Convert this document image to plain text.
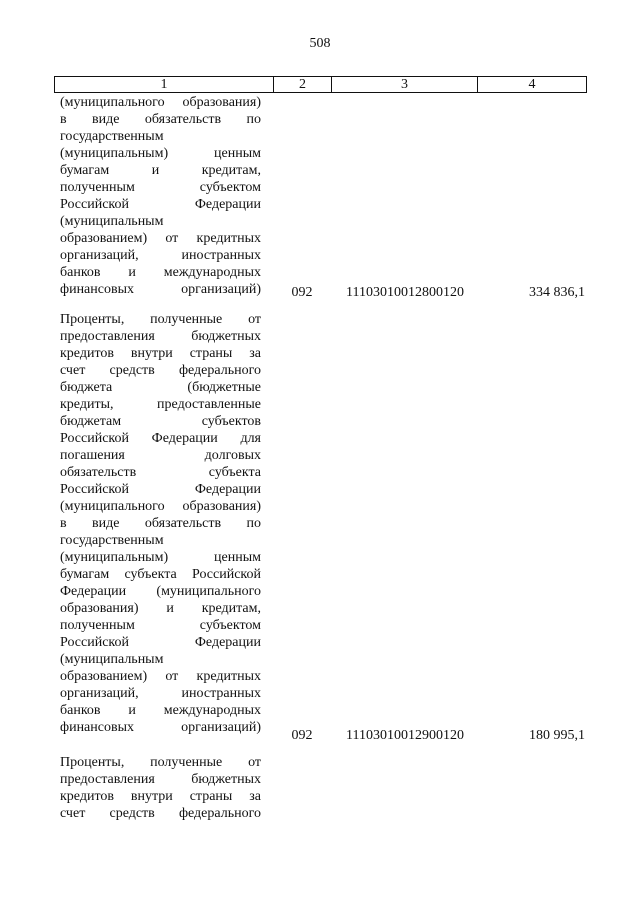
508
1	2	3	4
(муниципального образования)
в виде обязательств по
государственным
(муниципальным) ценным
бумагам и кредитам,
полученным субъектом
Российской Федерации
(муниципальным
образованием) от кредитных
организаций, иностранных
банков и международных
финансовых организаций)	092	11103010012800120	334 836,1
Проценты, полученные от
предоставления бюджетных
кредитов внутри страны за
счет средств федерального
бюджета (бюджетные
кредиты, предоставленные
бюджетам субъектов
Российской Федерации для
погашения долговых
обязательств субъекта
Российской Федерации
(муниципального образования)
в виде обязательств по
государственным
(муниципальным) ценным
бумагам субъекта Российской
Федерации (муниципального
образования) и кредитам,
полученным субъектом
Российской Федерации
(муниципальным
образованием) от кредитных
организаций, иностранных
банков и международных
финансовых организаций)
092	11103010012900120	180 995,1
Проценты, полученные от
предоставления бюджетных
кредитов внутри страны за
счет средств федерального
